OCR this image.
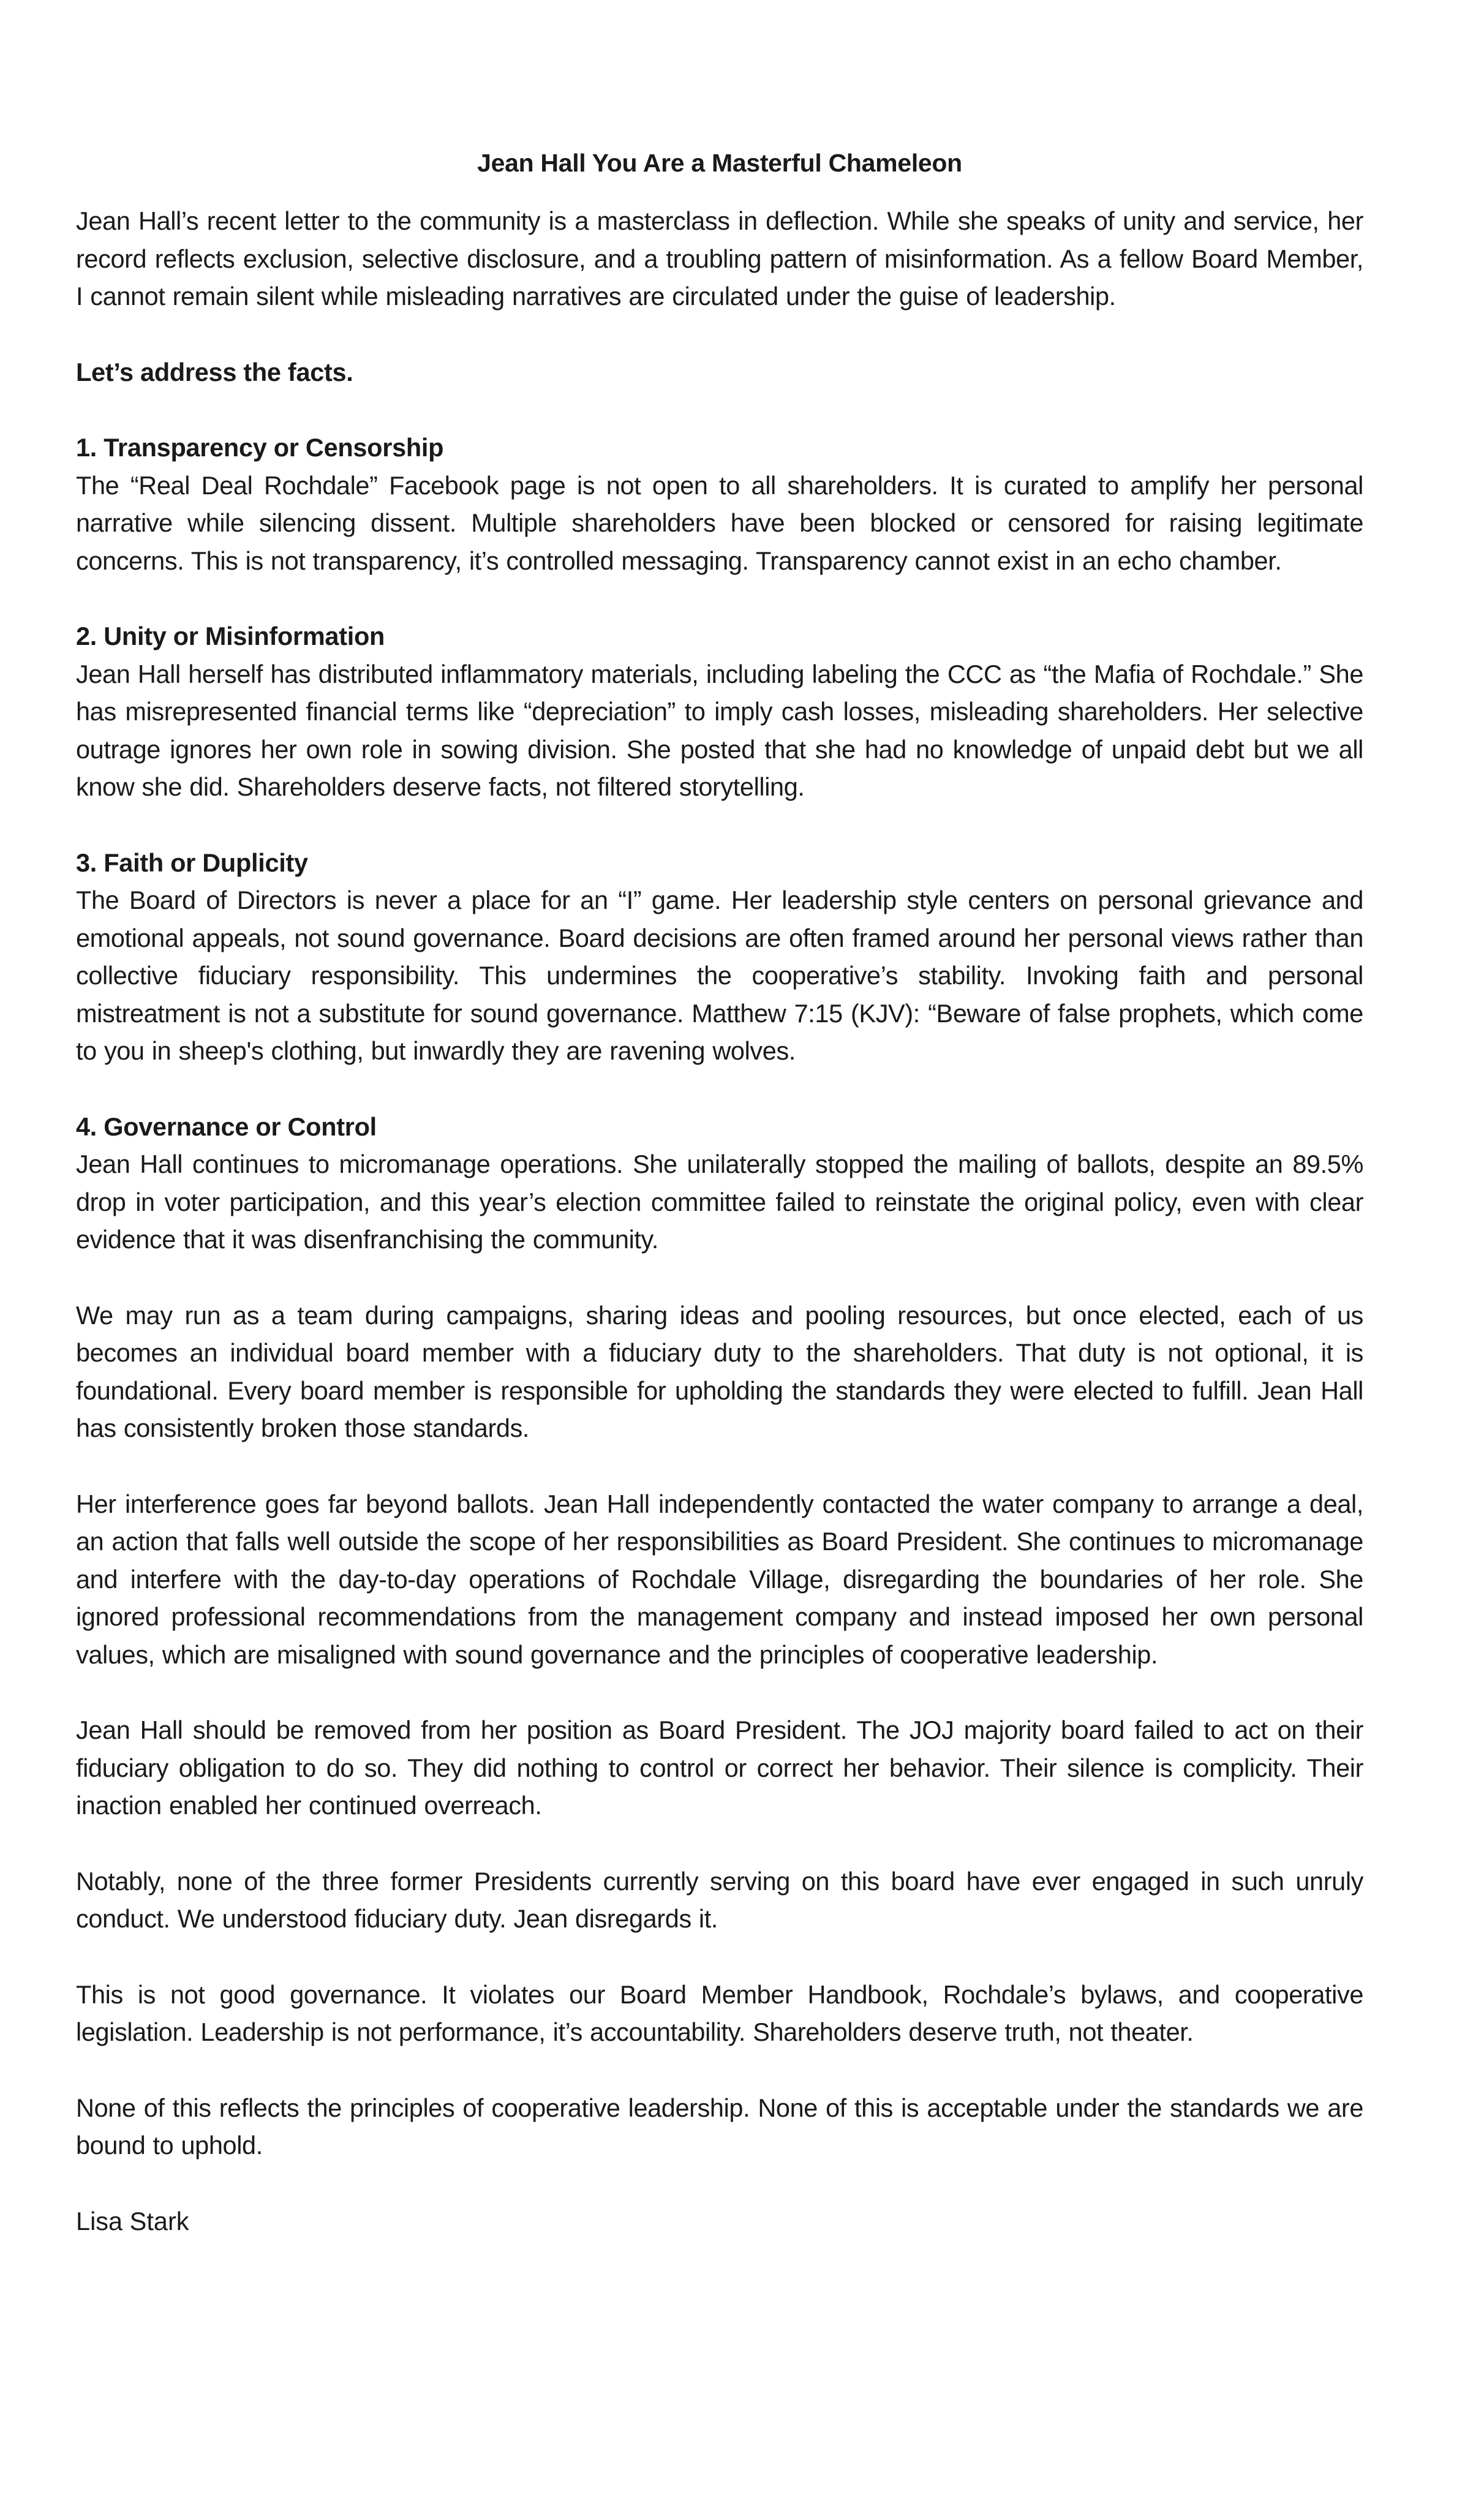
Jean Hall You Are a Masterful Chameleon

Jean Hall’s recent letter to the community is a masterclass in deflection. While she speaks of unity and service, her record reflects exclusion, selective disclosure, and a troubling pattern of misinformation. As a fellow Board Member, I cannot remain silent while misleading narratives are circulated under the guise of leadership.

Let’s address the facts.
1. Transparency or Censorship

The “Real Deal Rochdale” Facebook page is not open to all shareholders. It is curated to amplify her personal narrative while silencing dissent. Multiple shareholders have been blocked or censored for raising legitimate concerns. This is not transparency, it’s controlled messaging. Transparency cannot exist in an echo chamber.

2. Unity or Misinformation

Jean Hall herself has distributed inflammatory materials, including labeling the CCC as “the Mafia of Rochdale.” She has misrepresented financial terms like “depreciation” to imply cash losses, misleading shareholders. Her selective outrage ignores her own role in sowing division. She posted that she had no knowledge of unpaid debt but we all know she did. Shareholders deserve facts, not filtered storytelling.

3. Faith or Duplicity

The Board of Directors is never a place for an “I” game. Her leadership style centers on personal grievance and emotional appeals, not sound governance. Board decisions are often framed around her personal views rather than collective fiduciary responsibility. This undermines the cooperative’s stability. Invoking faith and personal mistreatment is not a substitute for sound governance. Matthew 7:15 (KJV): “Beware of false prophets, which come to you in sheep's clothing, but inwardly they are ravening wolves.

4. Governance or Control

Jean Hall continues to micromanage operations. She unilaterally stopped the mailing of ballots, despite an 89.5% drop in voter participation, and this year’s election committee failed to reinstate the original policy, even with clear evidence that it was disenfranchising the community.

We may run as a team during campaigns, sharing ideas and pooling resources, but once elected, each of us becomes an individual board member with a fiduciary duty to the shareholders. That duty is not optional, it is foundational. Every board member is responsible for upholding the standards they were elected to fulfill. Jean Hall has consistently broken those standards.

Her interference goes far beyond ballots. Jean Hall independently contacted the water company to arrange a deal, an action that falls well outside the scope of her responsibilities as Board President. She continues to micromanage and interfere with the day-to-day operations of Rochdale Village, disregarding the boundaries of her role. She ignored professional recommendations from the management company and instead imposed her own personal values, which are misaligned with sound governance and the principles of cooperative leadership.

Jean Hall should be removed from her position as Board President. The JOJ majority board failed to act on their fiduciary obligation to do so. They did nothing to control or correct her behavior. Their silence is complicity. Their inaction enabled her continued overreach.

Notably, none of the three former Presidents currently serving on this board have ever engaged in such unruly conduct. We understood fiduciary duty. Jean disregards it.

This is not good governance. It violates our Board Member Handbook, Rochdale’s bylaws, and cooperative legislation. Leadership is not performance, it’s accountability. Shareholders deserve truth, not theater.

None of this reflects the principles of cooperative leadership. None of this is acceptable under the standards we are bound to uphold.

Lisa Stark
